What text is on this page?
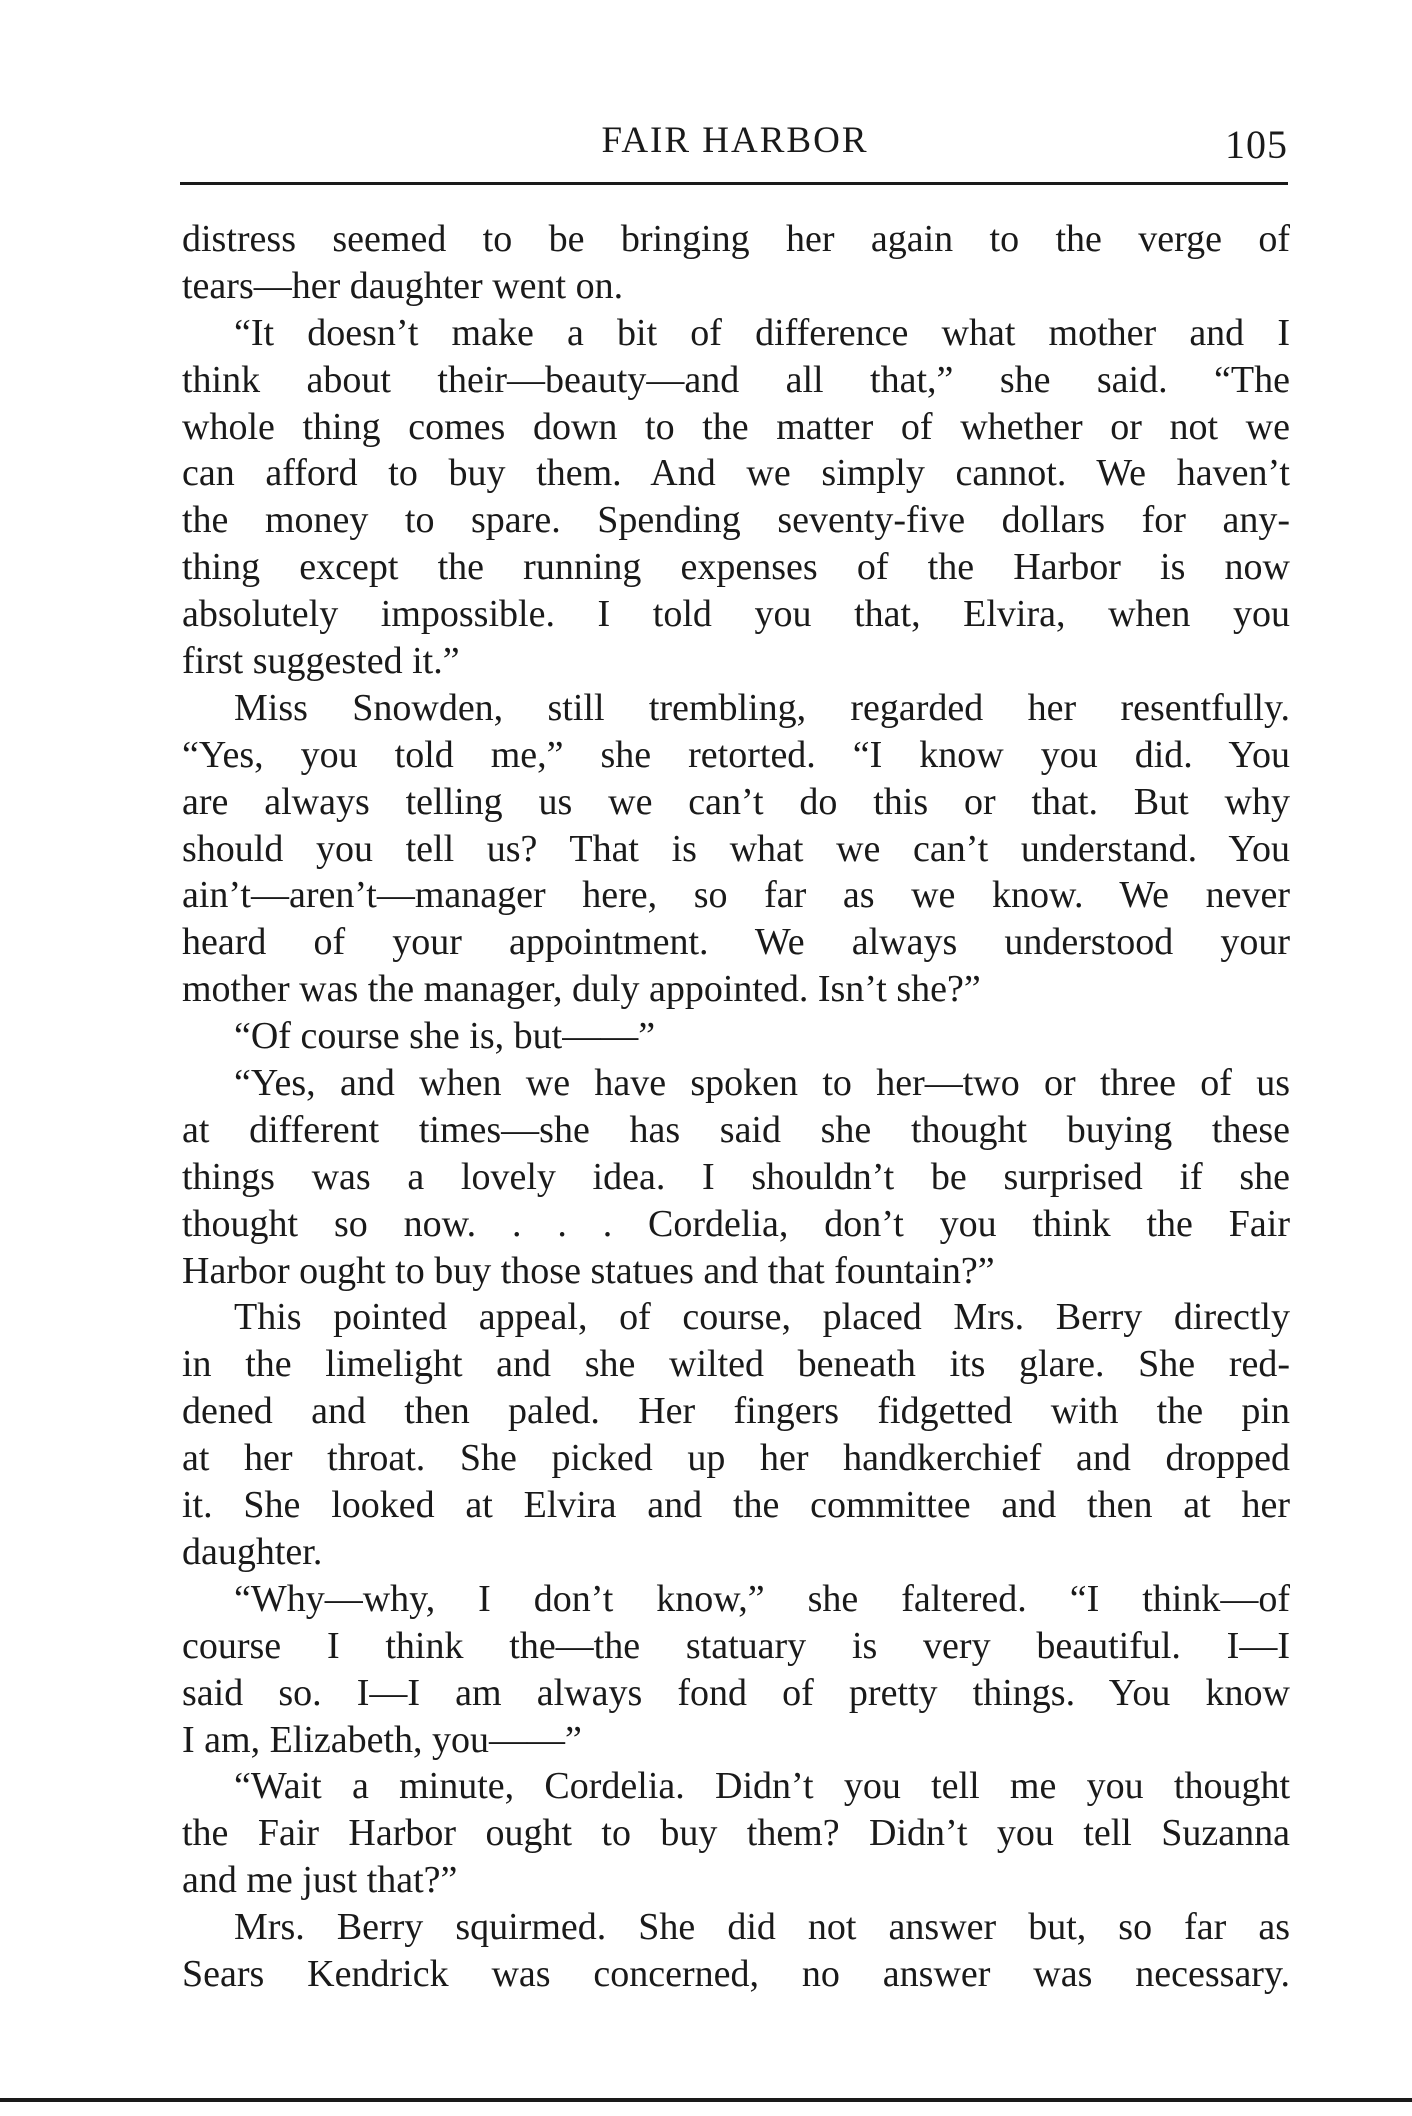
FAIR HARBOR	105
distress seemed to be bringing her again to the verge of
tears—her daughter went on.
“It doesn’t make a bit of difference what mother and I
think about their—beauty—and all that,” she said. “The
whole thing comes down to the matter of whether or not we
can afford to buy them. And we simply cannot. We haven’t
the money to spare. Spending seventy-five dollars for any-
thing except the running expenses of the Harbor is now
absolutely impossible. I told you that, Elvira, when you
first suggested it.”
Miss Snowden, still trembling, regarded her resentfully.
“Yes, you told me,” she retorted. “I know you did. You
are always telling us we can’t do this or that. But why
should you tell us? That is what we can’t understand. You
ain’t—aren’t—manager here, so far as we know. We never
heard of your appointment. We always understood your
mother was the manager, duly appointed. Isn’t she?”
“Of course she is, but——”
“Yes, and when we have spoken to her—two or three of us
at different times—she has said she thought buying these
things was a lovely idea. I shouldn’t be surprised if she
thought so now. . . . Cordelia, don’t you think the Fair
Harbor ought to buy those statues and that fountain?”
This pointed appeal, of course, placed Mrs. Berry directly
in the limelight and she wilted beneath its glare. She red-
dened and then paled. Her fingers fidgetted with the pin
at her throat. She picked up her handkerchief and dropped
it. She looked at Elvira and the committee and then at her
daughter.
“Why—why, I don’t know,” she faltered. “I think—of
course I think the—the statuary is very beautiful. I—I
said so. I—I am always fond of pretty things. You know
I am, Elizabeth, you——”
“Wait a minute, Cordelia. Didn’t you tell me you thought
the Fair Harbor ought to buy them? Didn’t you tell Suzanna
and me just that?”
Mrs. Berry squirmed. She did not answer but, so far as
Sears Kendrick was concerned, no answer was necessary.
